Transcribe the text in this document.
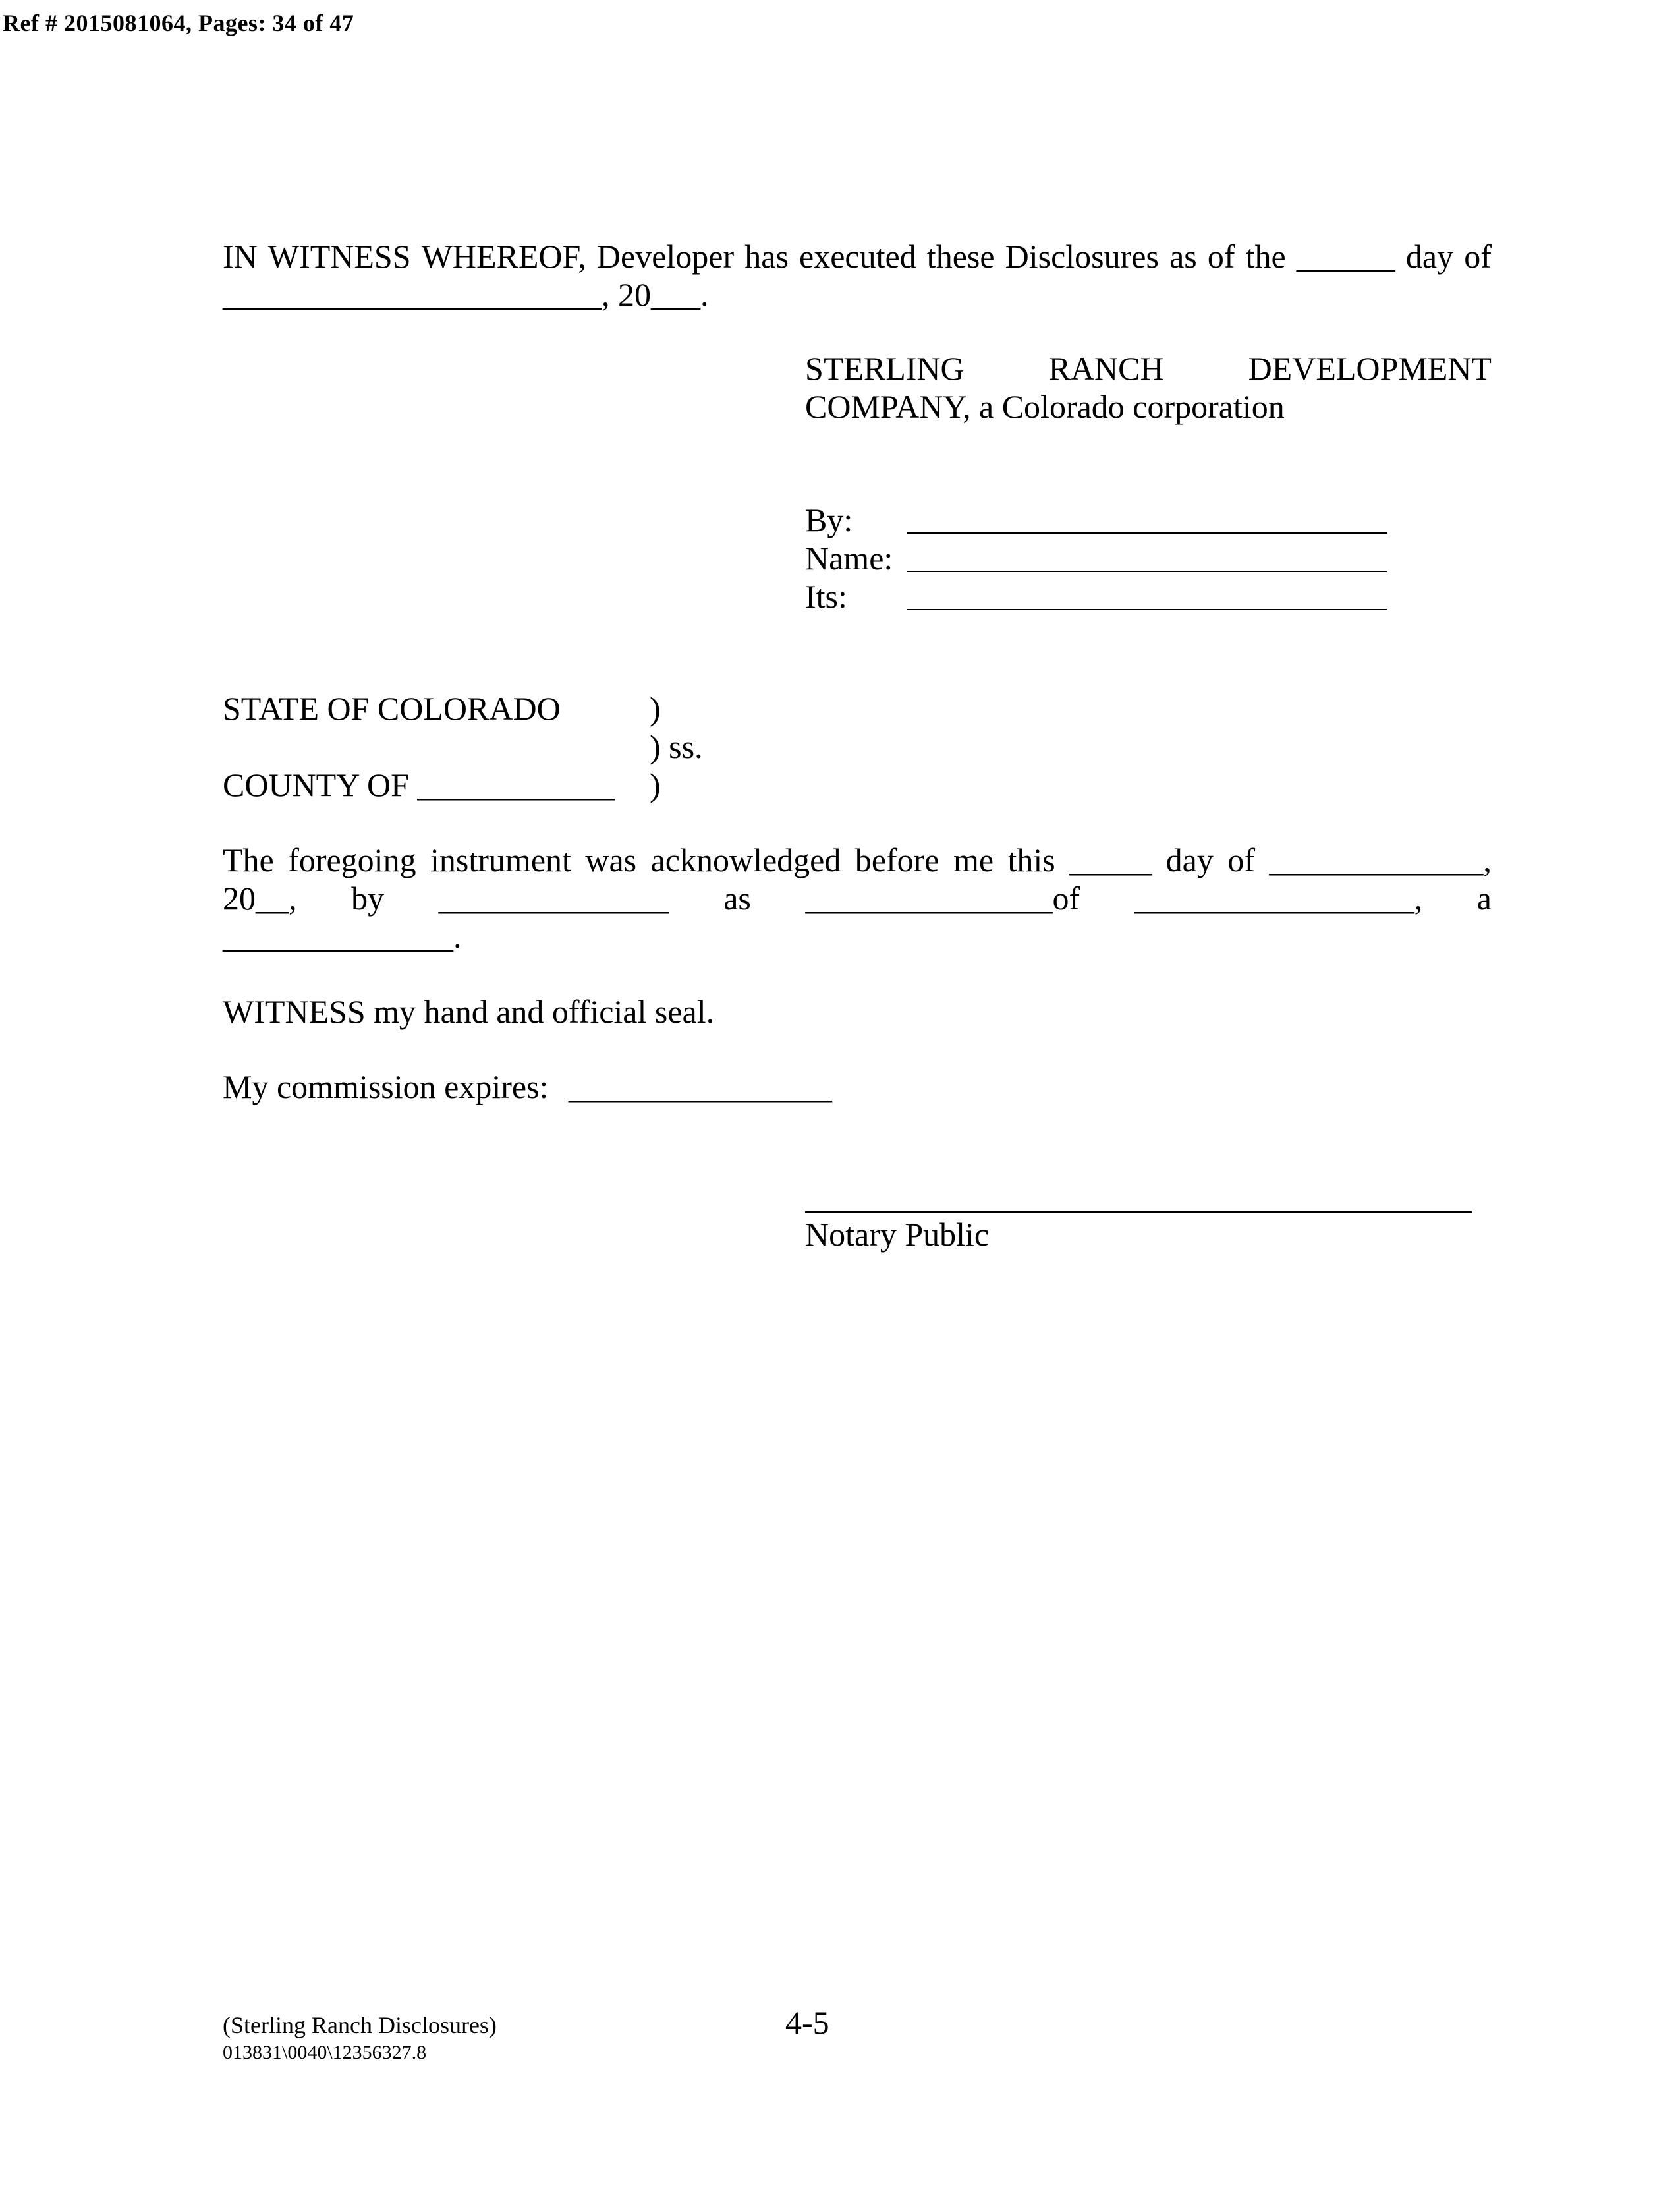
Ref # 2015081064, Pages: 34 of 47
IN WITNESS WHEREOF, Developer has executed these Disclosures as of the ______ day of
_______________________, 20___.
STERLING	RANCH	DEVELOPMENT
COMPANY, a Colorado corporation
By:
Name:
Its:
STATE OF COLORADO	)
) ss.
COUNTY OF ____________ )
The foregoing instrument was acknowledged before me this _____ day of _____________,
20__, by ______________ as _______________of _________________, a
______________.
WITNESS my hand and official seal.
My commission expires: ________________
Notary Public
(Sterling Ranch Disclosures)
013831\0040\12356327.8
4-5
